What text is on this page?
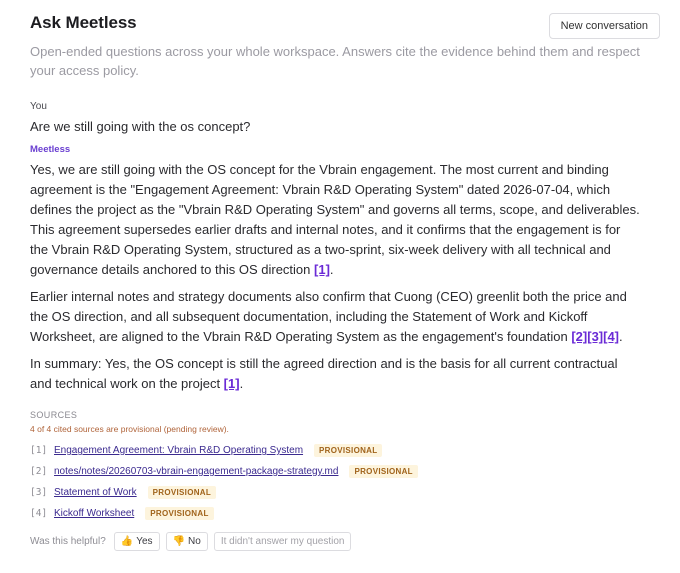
Ask Meetless	New conversation
Open-ended questions across your whole workspace. Answers cite the evidence behind them and respect your access policy.
You
Are we still going with the os concept?
Meetless

Yes, we are still going with the OS concept for the Vbrain engagement. The most current and binding agreement is the "Engagement Agreement: Vbrain R&D Operating System" dated 2026-07-04, which defines the project as the "Vbrain R&D Operating System" and governs all terms, scope, and deliverables. This agreement supersedes earlier drafts and internal notes, and it confirms that the engagement is for the Vbrain R&D Operating System, structured as a two-sprint, six-week delivery with all technical and governance details anchored to this OS direction [1].

Earlier internal notes and strategy documents also confirm that Cuong (CEO) greenlit both the price and the OS direction, and all subsequent documentation, including the Statement of Work and Kickoff Worksheet, are aligned to the Vbrain R&D Operating System as the engagement's foundation [2][3][4].

In summary: Yes, the OS concept is still the agreed direction and is the basis for all current contractual and technical work on the project [1].

SOURCES
4 of 4 cited sources are provisional (pending review).
[1] Engagement Agreement: Vbrain R&D Operating System	PROVISIONAL
[2] notes/notes/20260703-vbrain-engagement-package-strategy.md	PROVISIONAL
[3] Statement of Work	PROVISIONAL
[4] Kickoff Worksheet	PROVISIONAL
Was this helpful? 👍 Yes 👎 No	It didn't answer my question
